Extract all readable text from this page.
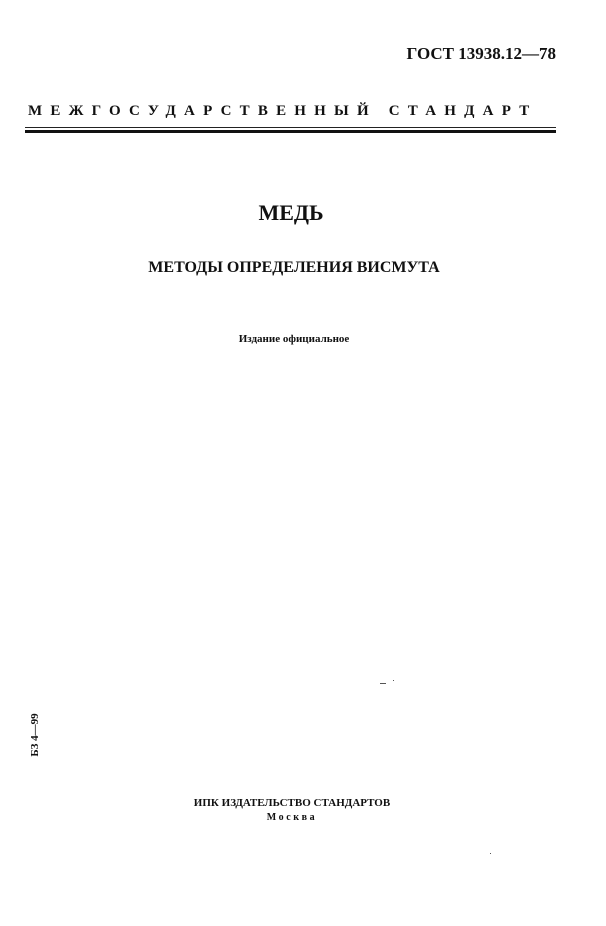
ГОСТ 13938.12—78
МЕЖГОСУДАРСТВЕННЫЙ СТАНДАРТ
МЕДЬ
МЕТОДЫ ОПРЕДЕЛЕНИЯ ВИСМУТА
Издание официальное
БЗ 4—99
ИПК ИЗДАТЕЛЬСТВО СТАНДАРТОВ
Москва
